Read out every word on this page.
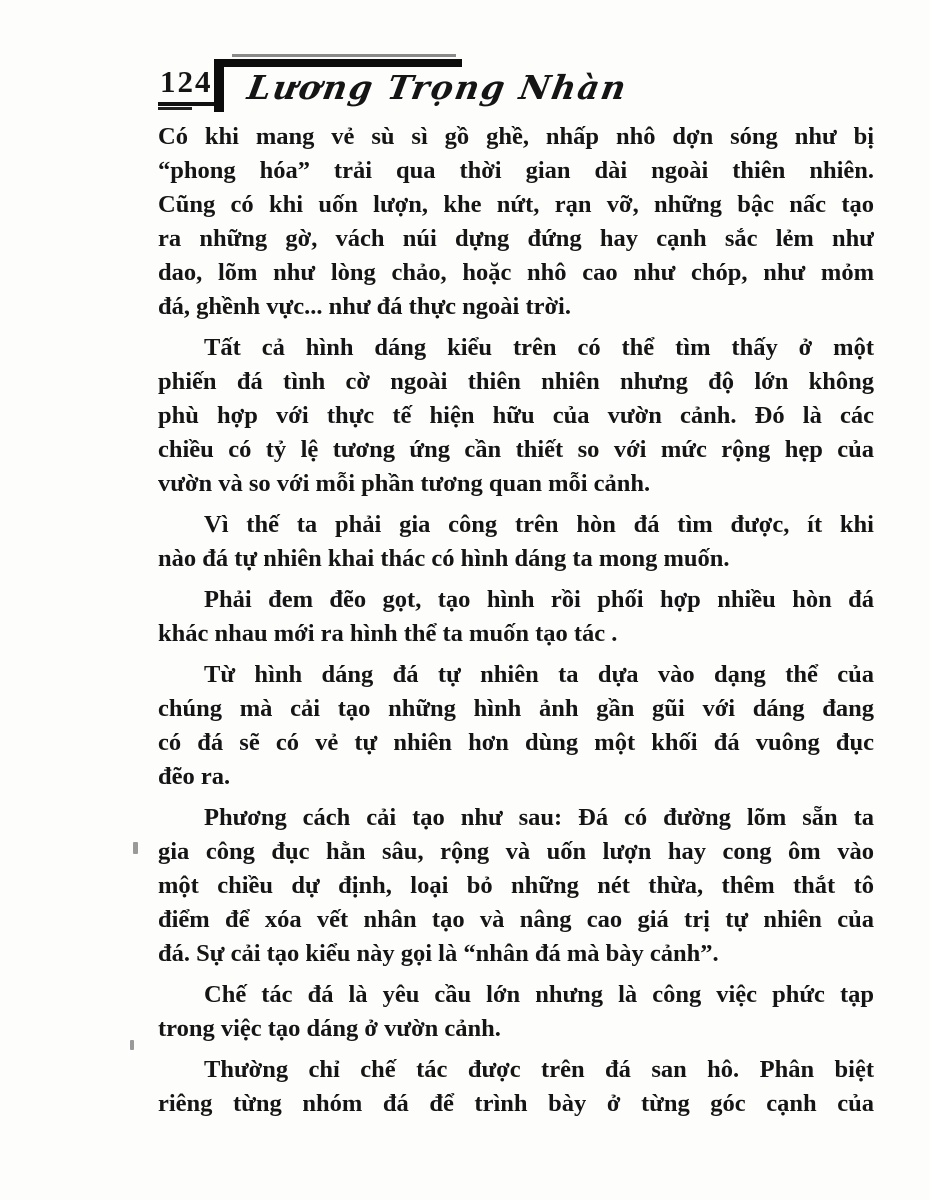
124 Lương Trọng Nhàn
Có khi mang vẻ sù sì gồ ghề, nhấp nhô dợn sóng như bị
“phong hóa” trải qua thời gian dài ngoài thiên nhiên.
Cũng có khi uốn lượn, khe nứt, rạn vỡ, những bậc nấc tạo
ra những gờ, vách núi dựng đứng hay cạnh sắc lẻm như
dao, lõm như lòng chảo, hoặc nhô cao như chóp, như mỏm
đá, ghềnh vực... như đá thực ngoài trời.
Tất cả hình dáng kiểu trên có thể tìm thấy ở một
phiến đá tình cờ ngoài thiên nhiên nhưng độ lớn không
phù hợp với thực tế hiện hữu của vườn cảnh. Đó là các
chiều có tỷ lệ tương ứng cần thiết so với mức rộng hẹp của
vườn và so với mỗi phần tương quan mỗi cảnh.
Vì thế ta phải gia công trên hòn đá tìm được, ít khi
nào đá tự nhiên khai thác có hình dáng ta mong muốn.
Phải đem đẽo gọt, tạo hình rồi phối hợp nhiều hòn đá
khác nhau mới ra hình thể ta muốn tạo tác .
Từ hình dáng đá tự nhiên ta dựa vào dạng thể của
chúng mà cải tạo những hình ảnh gần gũi với dáng đang
có đá sẽ có vẻ tự nhiên hơn dùng một khối đá vuông đục
đẽo ra.
Phương cách cải tạo như sau: Đá có đường lõm sẵn ta
gia công đục hằn sâu, rộng và uốn lượn hay cong ôm vào
một chiều dự định, loại bỏ những nét thừa, thêm thắt tô
điểm để xóa vết nhân tạo và nâng cao giá trị tự nhiên của
đá. Sự cải tạo kiểu này gọi là “nhân đá mà bày cảnh”.
Chế tác đá là yêu cầu lớn nhưng là công việc phức tạp
trong việc tạo dáng ở vườn cảnh.
Thường chỉ chế tác được trên đá san hô. Phân biệt
riêng từng nhóm đá để trình bày ở từng góc cạnh của
